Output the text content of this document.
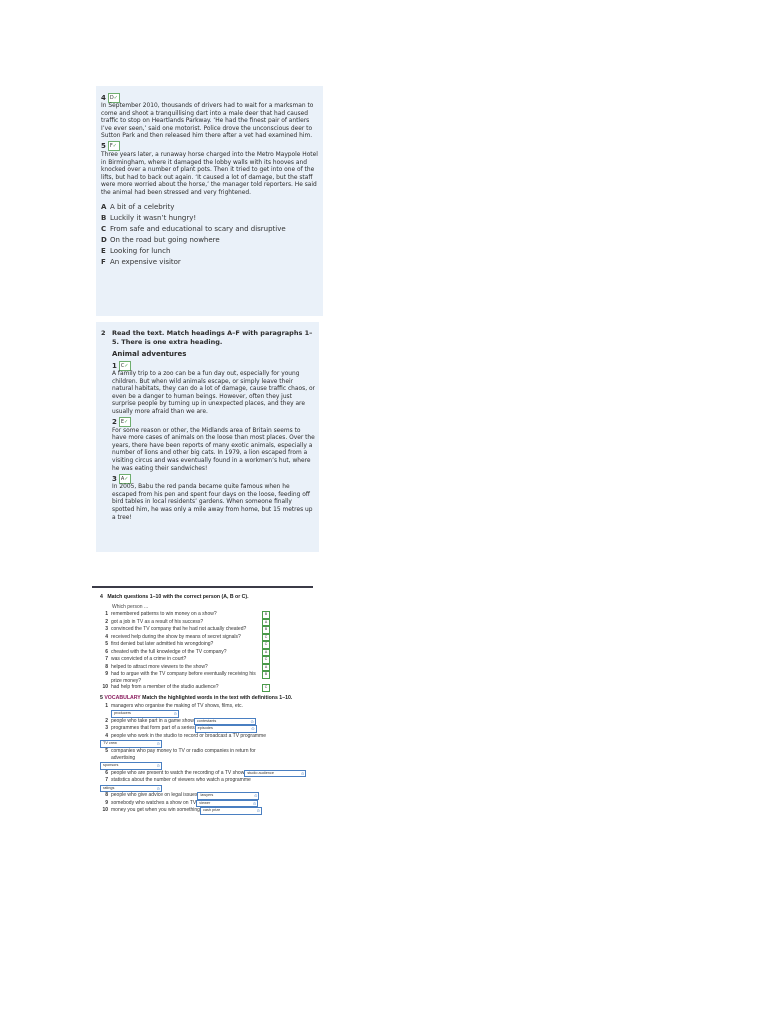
4 D✓

In September 2010, thousands of drivers had to wait for a marksman to come and shoot a tranquillising dart into a male deer that had caused traffic to stop on Heartlands Parkway. ‘He had the finest pair of antlers I’ve ever seen,’ said one motorist. Police drove the unconscious deer to Sutton Park and then released him there after a vet had examined him.

5 F✓

Three years later, a runaway horse charged into the Metro Maypole Hotel in Birmingham, where it damaged the lobby walls with its hooves and knocked over a number of plant pots. Then it tried to get into one of the lifts, but had to back out again. ‘It caused a lot of damage, but the staff were more worried about the horse,’ the manager told reporters. He said the animal had been stressed and very frightened.

A A bit of a celebrity
B Luckily it wasn’t hungry!
C From safe and educational to scary and disruptive
D On the road but going nowhere
E Looking for lunch
F An expensive visitor
2 Read the text. Match headings A–F with paragraphs 1–5. There is one extra heading.
Animal adventures
1 C✓

A family trip to a zoo can be a fun day out, especially for young children. But when wild animals escape, or simply leave their natural habitats, they can do a lot of damage, cause traffic chaos, or even be a danger to human beings. However, often they just surprise people by turning up in unexpected places, and they are usually more afraid than we are.

2 E✓

For some reason or other, the Midlands area of Britain seems to have more cases of animals on the loose than most places. Over the years, there have been reports of many exotic animals, especially a number of lions and other big cats. In 1979, a lion escaped from a visiting circus and was eventually found in a workmen’s hut, where he was eating their sandwiches!

3 A✓

In 2005, Babu the red panda became quite famous when he escaped from his pen and spent four days on the loose, feeding off bird tables in local residents’ gardens. When someone finally spotted him, he was only a mile away from home, but 15 metres up a tree!

4 Match questions 1–10 with the correct person (A, B or C).
Which person ...
1 remembered patterns to win money on a show?	B
2 got a job in TV as a result of his success?	A
3 convinced the TV company that he had not actually cheated?	B
4 received help during the show by means of secret signals?	C
5 first denied but later admitted his wrongdoing?	C
6 cheated with the full knowledge of the TV company?	A
7 was convicted of a crime in court?	C
8 helped to attract more viewers to the show?	A
9 had to argue with the TV company before eventually receiving his prize money?
B
10 had help from a member of the studio audience?	C
5 VOCABULARY Match the highlighted words in the text with definitions 1–10.
1 managers who organise the making of TV shows, films, etc.
producers	⊙
2 people who take part in a game show contestants	⊙
3 programmes that form part of a series episodes	⊙
4 people who work in the studio to record or broadcast a TV programme
TV crew	⊙
5 companies who pay money to TV or radio companies in return for advertising
sponsors	⊙
6 people who are present to watch the recording of a TV show studio audience	⊙
7 statistics about the number of viewers who watch a programme
ratings	⊙
8 people who give advice on legal issues lawyers	⊙
9 somebody who watches a show on TV viewer	⊙
10 money you get when you win something cash prize	⊙
